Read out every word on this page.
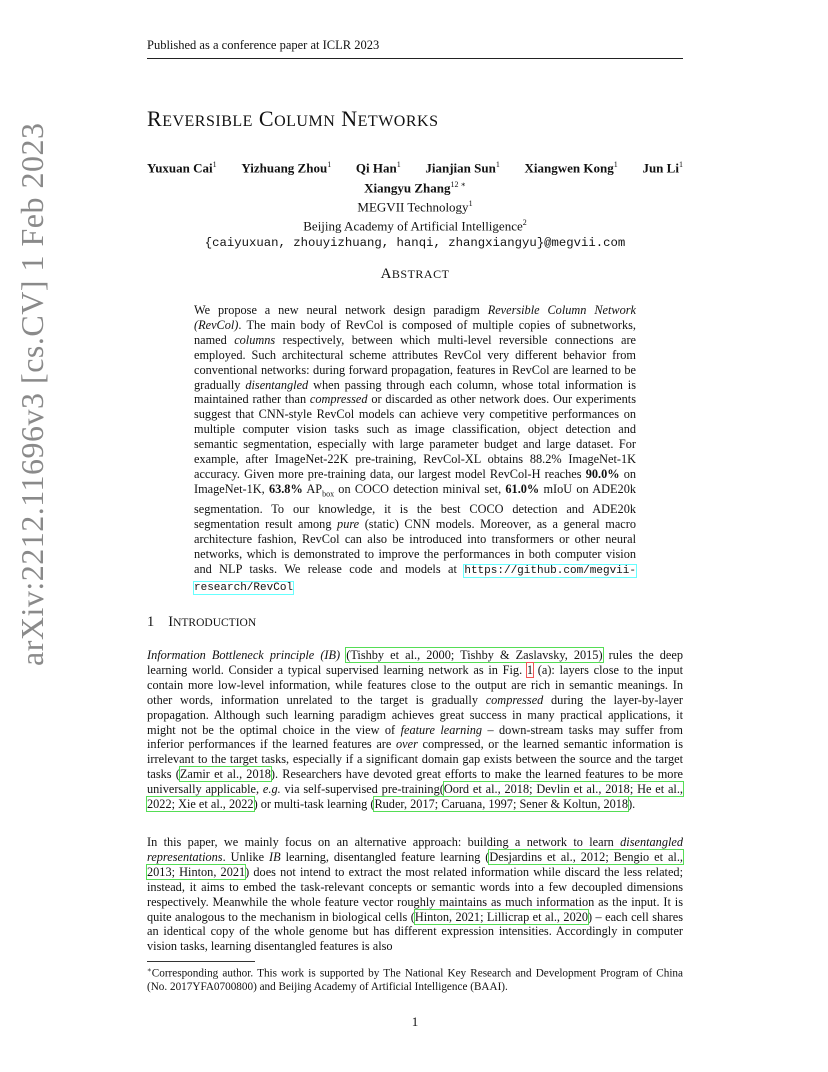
Published as a conference paper at ICLR 2023
arXiv:2212.11696v3 [cs.CV] 1 Feb 2023
REVERSIBLE COLUMN NETWORKS
Yuxuan Cai$^1$ Yizhuang Zhou$^1$ Qi Han$^1$ Jianjian Sun$^1$ Xiangwen Kong$^1$ Jun Li$^1$
Xiangyu Zhang$^{12 ∗}$
MEGVII Technology$^1$
Beijing Academy of Artificial Intelligence$^2$
{caiyuxuan, zhouyizhuang, hanqi, zhangxiangyu}@megvii.com
ABSTRACT
We propose a new neural network design paradigm Reversible Column Network (RevCol). The main body of RevCol is composed of multiple copies of subnetworks, named columns respectively, between which multi-level reversible connections are employed. Such architectural scheme attributes RevCol very different behavior from conventional networks: during forward propagation, features in RevCol are learned to be gradually disentangled when passing through each column, whose total information is maintained rather than compressed or discarded as other network does. Our experiments suggest that CNN-style RevCol models can achieve very competitive performances on multiple computer vision tasks such as image classification, object detection and semantic segmentation, especially with large parameter budget and large dataset. For example, after ImageNet-22K pre-training, RevCol-XL obtains 88.2% ImageNet-1K accuracy. Given more pre-training data, our largest model RevCol-H reaches 90.0% on ImageNet-1K, 63.8% $AP_{box}$ on COCO detection minival set, 61.0% mIoU on ADE20k segmentation. To our knowledge, it is the best COCO detection and ADE20k segmentation result among pure (static) CNN models. Moreover, as a general macro architecture fashion, RevCol can also be introduced into transformers or other neural networks, which is demonstrated to improve the performances in both computer vision and NLP tasks. We release code and models at https://github.com/megvii-research/RevCol
1 INTRODUCTION
Information Bottleneck principle (IB) (Tishby et al., 2000; Tishby & Zaslavsky, 2015) rules the deep learning world. Consider a typical supervised learning network as in Fig. 1 (a): layers close to the input contain more low-level information, while features close to the output are rich in semantic meanings. In other words, information unrelated to the target is gradually compressed during the layer-by-layer propagation. Although such learning paradigm achieves great success in many practical applications, it might not be the optimal choice in the view of feature learning – down-stream tasks may suffer from inferior performances if the learned features are over compressed, or the learned semantic information is irrelevant to the target tasks, especially if a significant domain gap exists between the source and the target tasks (Zamir et al., 2018). Researchers have devoted great efforts to make the learned features to be more universally applicable, e.g. via self-supervised pre-training(Oord et al., 2018; Devlin et al., 2018; He et al., 2022; Xie et al., 2022) or multi-task learning (Ruder, 2017; Caruana, 1997; Sener & Koltun, 2018).
In this paper, we mainly focus on an alternative approach: building a network to learn disentangled representations. Unlike IB learning, disentangled feature learning (Desjardins et al., 2012; Bengio et al., 2013; Hinton, 2021) does not intend to extract the most related information while discard the less related; instead, it aims to embed the task-relevant concepts or semantic words into a few decoupled dimensions respectively. Meanwhile the whole feature vector roughly maintains as much information as the input. It is quite analogous to the mechanism in biological cells (Hinton, 2021; Lillicrap et al., 2020) – each cell shares an identical copy of the whole genome but has different expression intensities. Accordingly in computer vision tasks, learning disentangled features is also
∗Corresponding author. This work is supported by The National Key Research and Development Program of China (No. 2017YFA0700800) and Beijing Academy of Artificial Intelligence (BAAI).
1
